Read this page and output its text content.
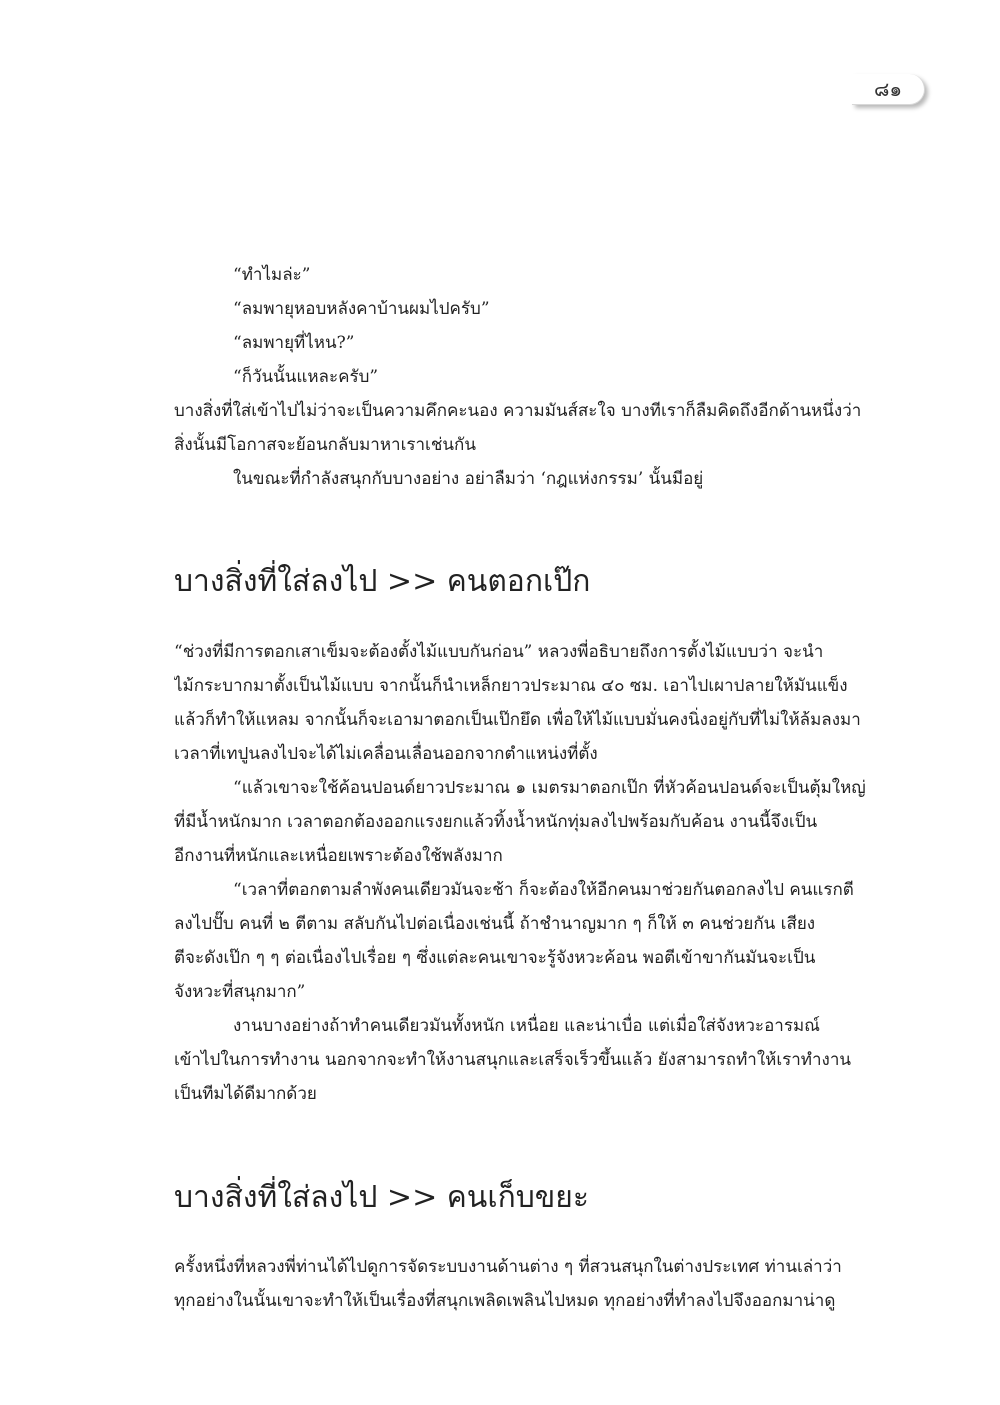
๘๑
“ทำไมล่ะ”
“ลมพายุหอบหลังคาบ้านผมไปครับ”
“ลมพายุที่ไหน?”
“ก็วันนั้นแหละครับ”
บางสิ่งที่ใส่เข้าไปไม่ว่าจะเป็นความคึกคะนอง ความมันส์สะใจ บางทีเราก็ลืมคิดถึงอีกด้านหนึ่งว่า
สิ่งนั้นมีโอกาสจะย้อนกลับมาหาเราเช่นกัน
ในขณะที่กำลังสนุกกับบางอย่าง อย่าลืมว่า ‘กฎแห่งกรรม’ นั้นมีอยู่
บางสิ่งที่ใส่ลงไป >> คนตอกเป๊ก
“ช่วงที่มีการตอกเสาเข็มจะต้องตั้งไม้แบบกันก่อน” หลวงพี่อธิบายถึงการตั้งไม้แบบว่า จะนำ
ไม้กระบากมาตั้งเป็นไม้แบบ จากนั้นก็นำเหล็กยาวประมาณ ๔๐ ซม. เอาไปเผาปลายให้มันแข็ง
แล้วก็ทำให้แหลม จากนั้นก็จะเอามาตอกเป็นเป๊กยึด เพื่อให้ไม้แบบมั่นคงนิ่งอยู่กับที่ไม่ให้ล้มลงมา
เวลาที่เทปูนลงไปจะได้ไม่เคลื่อนเลื่อนออกจากตำแหน่งที่ตั้ง
“แล้วเขาจะใช้ค้อนปอนด์ยาวประมาณ ๑ เมตรมาตอกเป๊ก ที่หัวค้อนปอนด์จะเป็นตุ้มใหญ่
ที่มีน้ำหนักมาก เวลาตอกต้องออกแรงยกแล้วทิ้งน้ำหนักทุ่มลงไปพร้อมกับค้อน งานนี้จึงเป็น
อีกงานที่หนักและเหนื่อยเพราะต้องใช้พลังมาก
“เวลาที่ตอกตามลำพังคนเดียวมันจะช้า ก็จะต้องให้อีกคนมาช่วยกันตอกลงไป คนแรกตี
ลงไปปั๊บ คนที่ ๒ ตีตาม สลับกันไปต่อเนื่องเช่นนี้ ถ้าชำนาญมาก ๆ ก็ให้ ๓ คนช่วยกัน เสียง
ตีจะดังเป๊ก ๆ ๆ ต่อเนื่องไปเรื่อย ๆ ซึ่งแต่ละคนเขาจะรู้จังหวะค้อน พอตีเข้าขากันมันจะเป็น
จังหวะที่สนุกมาก”
งานบางอย่างถ้าทำคนเดียวมันทั้งหนัก เหนื่อย และน่าเบื่อ แต่เมื่อใส่จังหวะอารมณ์
เข้าไปในการทำงาน นอกจากจะทำให้งานสนุกและเสร็จเร็วขึ้นแล้ว ยังสามารถทำให้เราทำงาน
เป็นทีมได้ดีมากด้วย
บางสิ่งที่ใส่ลงไป >> คนเก็บขยะ
ครั้งหนึ่งที่หลวงพี่ท่านได้ไปดูการจัดระบบงานด้านต่าง ๆ ที่สวนสนุกในต่างประเทศ ท่านเล่าว่า
ทุกอย่างในนั้นเขาจะทำให้เป็นเรื่องที่สนุกเพลิดเพลินไปหมด ทุกอย่างที่ทำลงไปจึงออกมาน่าดู
